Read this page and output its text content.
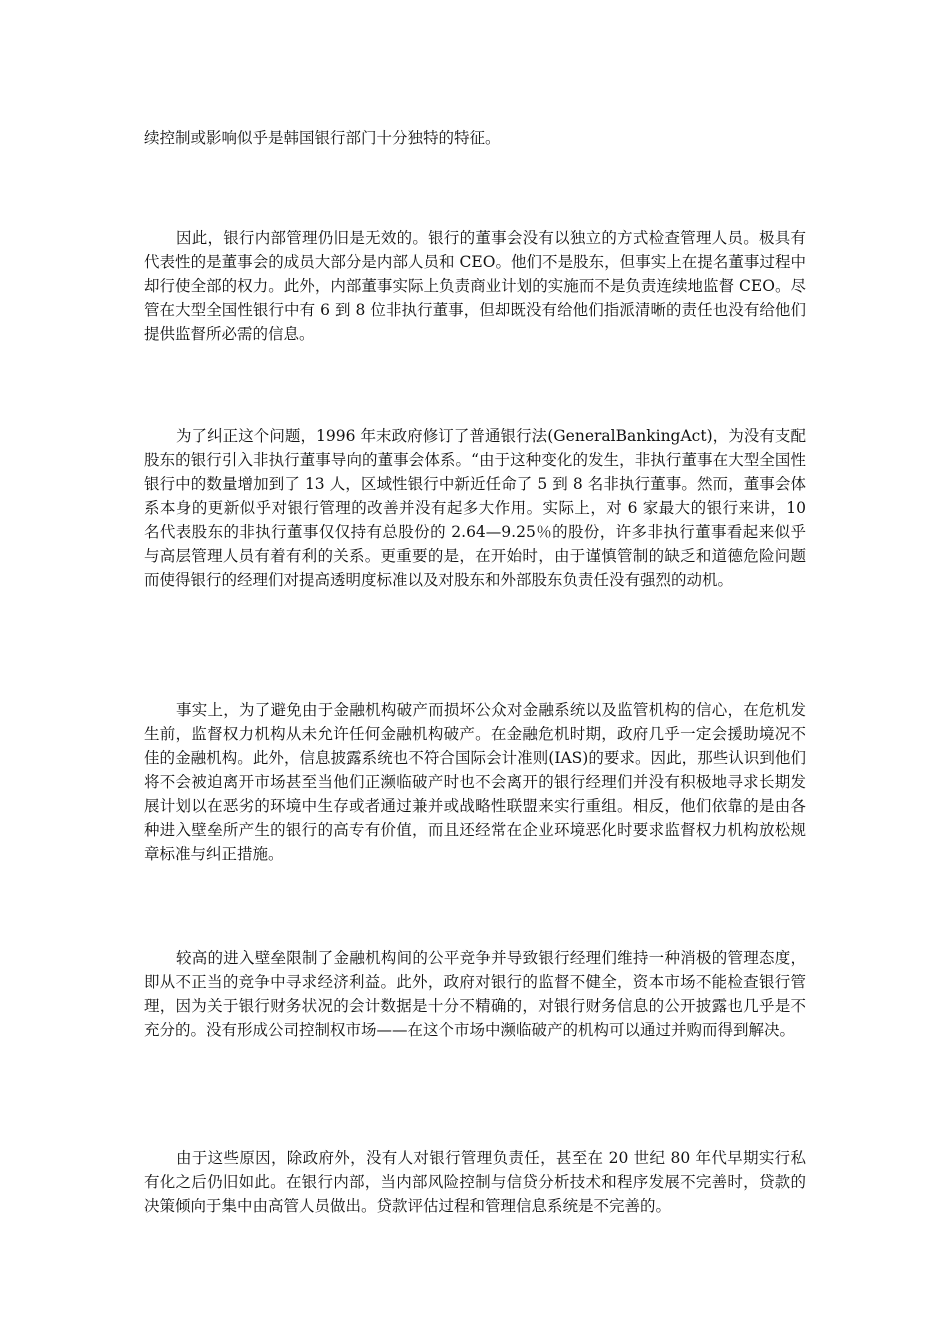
续控制或影响似乎是韩国银行部门十分独特的特征。

因此，银行内部管理仍旧是无效的。银行的董事会没有以独立的方式检查管理人员。极具有代表性的是董事会的成员大部分是内部人员和 CEO。他们不是股东，但事实上在提名董事过程中却行使全部的权力。此外，内部董事实际上负责商业计划的实施而不是负责连续地监督 CEO。尽管在大型全国性银行中有 6 到 8 位非执行董事，但却既没有给他们指派清晰的责任也没有给他们提供监督所必需的信息。

为了纠正这个问题，1996 年末政府修订了普通银行法(GeneralBankingAct)，为没有支配股东的银行引入非执行董事导向的董事会体系。“由于这种变化的发生，非执行董事在大型全国性银行中的数量增加到了 13 人，区域性银行中新近任命了 5 到 8 名非执行董事。然而，董事会体系本身的更新似乎对银行管理的改善并没有起多大作用。实际上，对 6 家最大的银行来讲，10 名代表股东的非执行董事仅仅持有总股份的 2.64—9.25％的股份，许多非执行董事看起来似乎与高层管理人员有着有利的关系。更重要的是，在开始时，由于谨慎管制的缺乏和道德危险问题而使得银行的经理们对提高透明度标准以及对股东和外部股东负责任没有强烈的动机。

事实上，为了避免由于金融机构破产而损坏公众对金融系统以及监管机构的信心，在危机发生前，监督权力机构从未允许任何金融机构破产。在金融危机时期，政府几乎一定会援助境况不佳的金融机构。此外，信息披露系统也不符合国际会计准则(IAS)的要求。因此，那些认识到他们将不会被迫离开市场甚至当他们正濒临破产时也不会离开的银行经理们并没有积极地寻求长期发展计划以在恶劣的环境中生存或者通过兼并或战略性联盟来实行重组。相反，他们依靠的是由各种进入壁垒所产生的银行的高专有价值，而且还经常在企业环境恶化时要求监督权力机构放松规章标准与纠正措施。

较高的进入壁垒限制了金融机构间的公平竞争并导致银行经理们维持一种消极的管理态度，即从不正当的竞争中寻求经济利益。此外，政府对银行的监督不健全，资本市场不能检查银行管理，因为关于银行财务状况的会计数据是十分不精确的，对银行财务信息的公开披露也几乎是不充分的。没有形成公司控制权市场——在这个市场中濒临破产的机构可以通过并购而得到解决。

由于这些原因，除政府外，没有人对银行管理负责任，甚至在 20 世纪 80 年代早期实行私有化之后仍旧如此。在银行内部，当内部风险控制与信贷分析技术和程序发展不完善时，贷款的决策倾向于集中由高管人员做出。贷款评估过程和管理信息系统是不完善的。
